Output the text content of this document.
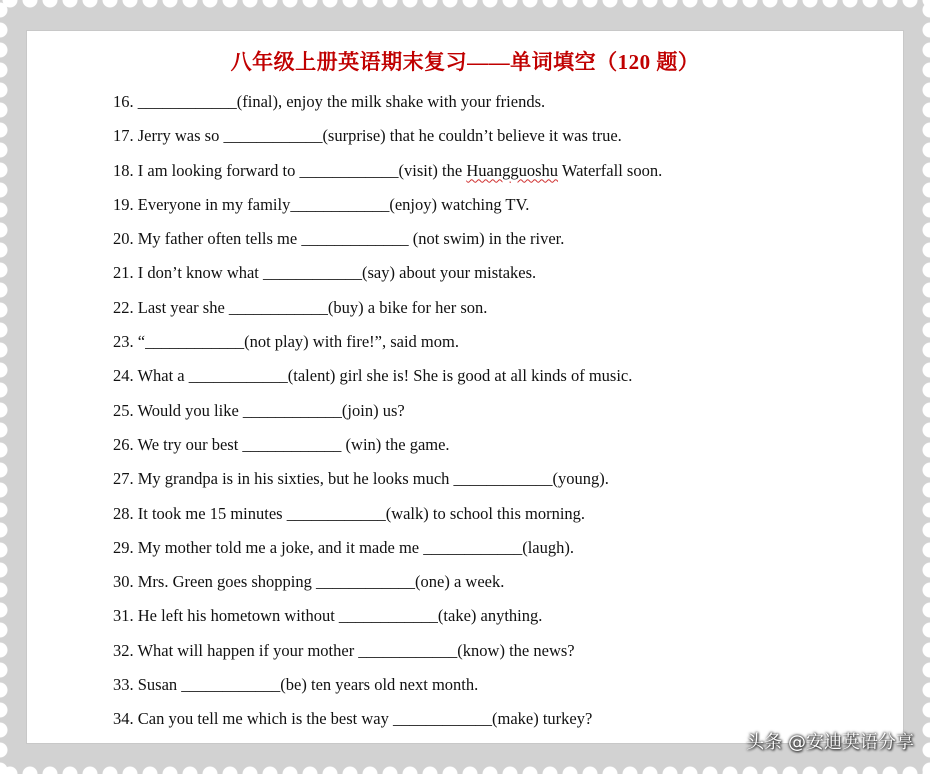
八年级上册英语期末复习——单词填空（120 题）
16. ____________(final), enjoy the milk shake with your friends.
17. Jerry was so ____________(surprise) that he couldn’t believe it was true.
18. I am looking forward to ____________(visit) the Huangguoshu Waterfall soon.
19. Everyone in my family____________(enjoy) watching TV.
20. My father often tells me _____________ (not swim) in the river.
21. I don’t know what ____________(say) about your mistakes.
22. Last year she ____________(buy) a bike for her son.
23. “____________(not play) with fire!”, said mom.
24. What a ____________(talent) girl she is! She is good at all kinds of music.
25. Would you like ____________(join) us?
26. We try our best ____________ (win) the game.
27. My grandpa is in his sixties, but he looks much ____________(young).
28. It took me 15 minutes ____________(walk) to school this morning.
29. My mother told me a joke, and it made me ____________(laugh).
30. Mrs. Green goes shopping ____________(one) a week.
31. He left his hometown without ____________(take) anything.
32. What will happen if your mother ____________(know) the news?
33. Susan ____________(be) ten years old next month.
34. Can you tell me which is the best way ____________(make) turkey?
头条 @安迪英语分享
